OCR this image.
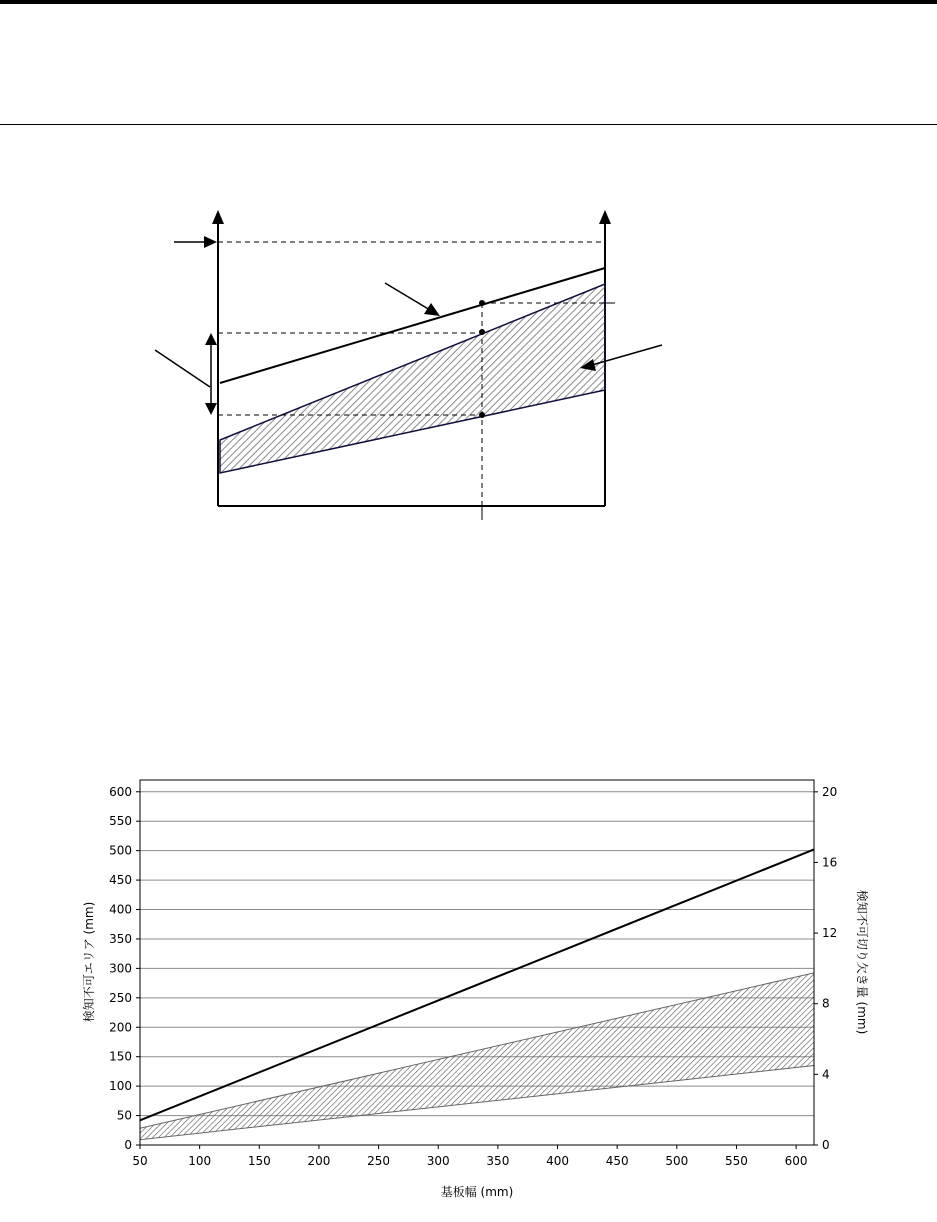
50	100	150	200	250	300	350	400	450	500	550	600
0
50
100
150
200
250
300
350
400
450
500
550
600
0
4
8
12
16
20
基板幅 (mm)
検知不可エリア (mm)	検知不可切り欠き量 (mm)
